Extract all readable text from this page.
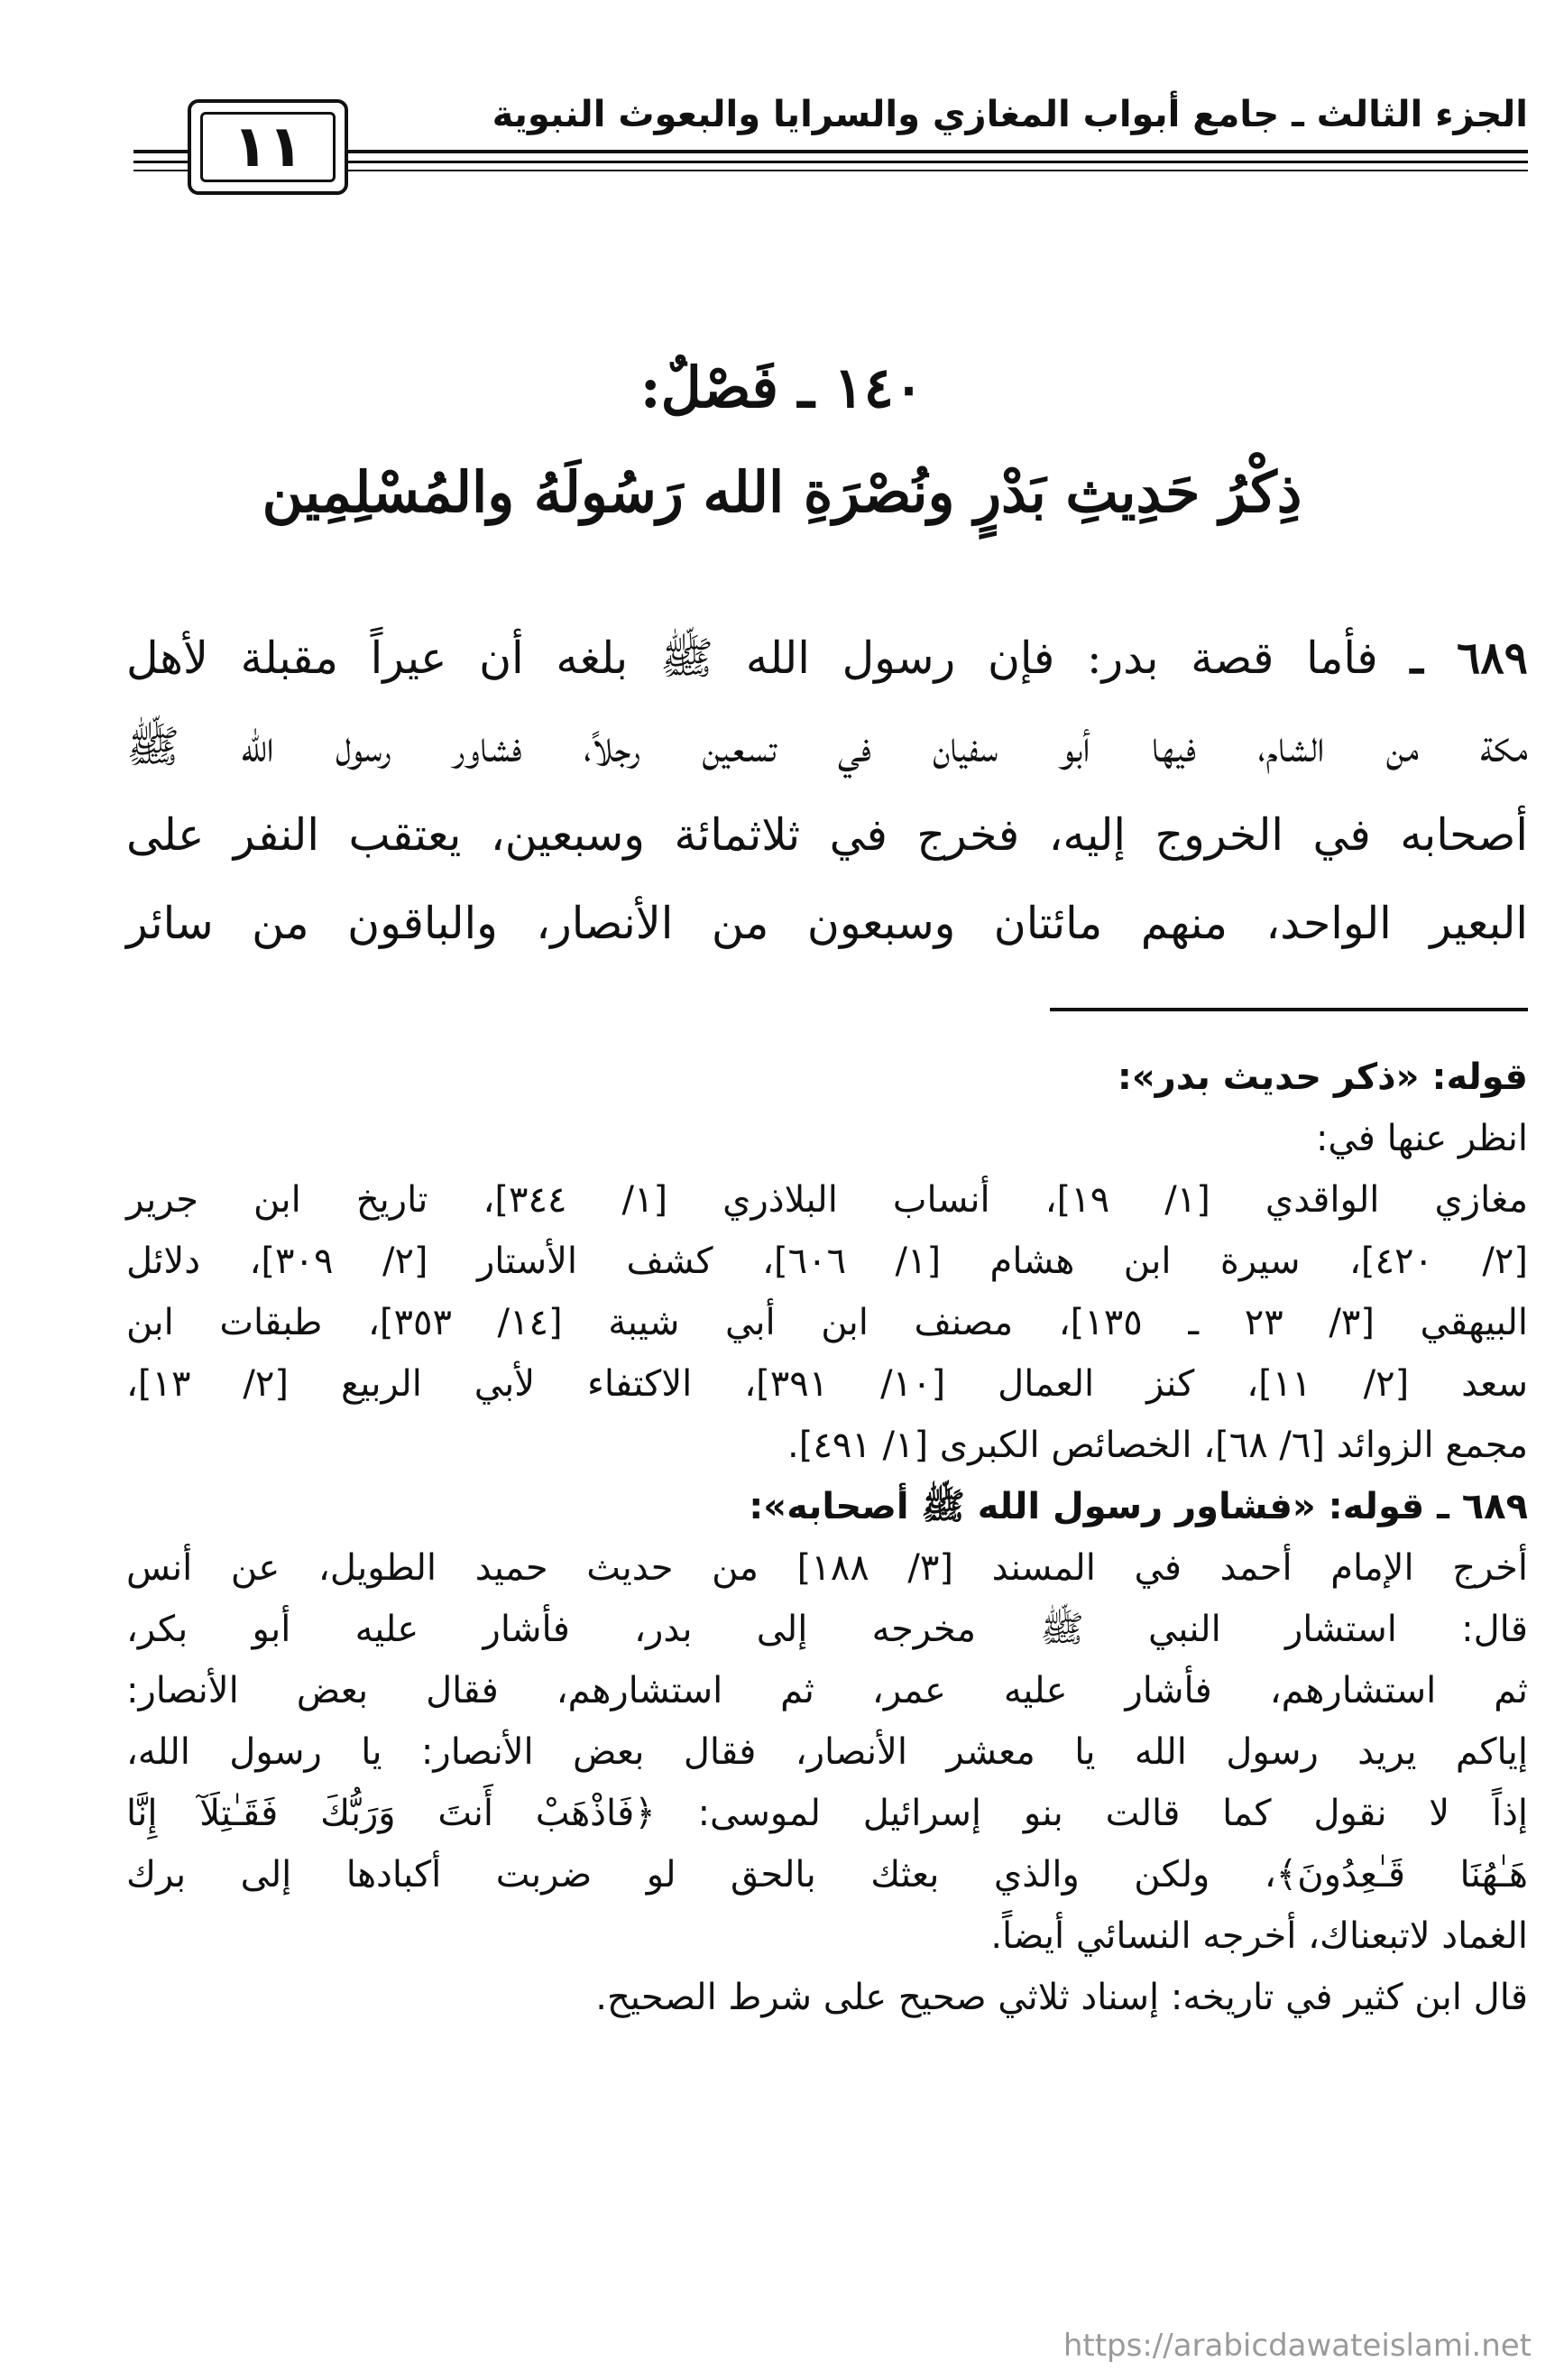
الجزء الثالث ـ جامع أبواب المغازي والسرايا والبعوث النبوية
١١
١٤٠ ـ فَصْلٌ:
ذِكْرُ حَدِيثِ بَدْرٍ ونُصْرَةِ الله رَسُولَهُ والمُسْلِمِين
٦٨٩ ـ فأما قصة بدر: فإن رسول الله ﷺ بلغه أن عيراً مقبلة لأهل
مكة من الشام، فيها أبو سفيان في تسعين رجلاً، فشاور رسول الله ﷺ
أصحابه في الخروج إليه، فخرج في ثلاثمائة وسبعين، يعتقب النفر على
البعير الواحد، منهم مائتان وسبعون من الأنصار، والباقون من سائر
قوله: «ذكر حديث بدر»:
انظر عنها في:
مغازي الواقدي [١/ ١٩]، أنساب البلاذري [١/ ٣٤٤]، تاريخ ابن جرير
[٢/ ٤٢٠]، سيرة ابن هشام [١/ ٦٠٦]، كشف الأستار [٢/ ٣٠٩]، دلائل
البيهقي [٣/ ٢٣ ـ ١٣٥]، مصنف ابن أبي شيبة [١٤/ ٣٥٣]، طبقات ابن
سعد [٢/ ١١]، كنز العمال [١٠/ ٣٩١]، الاكتفاء لأبي الربيع [٢/ ١٣]،
مجمع الزوائد [٦/ ٦٨]، الخصائص الكبرى [١/ ٤٩١].
٦٨٩ ـ قوله: «فشاور رسول الله ﷺ أصحابه»:
أخرج الإمام أحمد في المسند [٣/ ١٨٨] من حديث حميد الطويل، عن أنس
قال: استشار النبي ﷺ مخرجه إلى بدر، فأشار عليه أبو بكر،
ثم استشارهم، فأشار عليه عمر، ثم استشارهم، فقال بعض الأنصار:
إياكم يريد رسول الله يا معشر الأنصار، فقال بعض الأنصار: يا رسول الله،
إذاً لا نقول كما قالت بنو إسرائيل لموسى: ﴿فَاذْهَبْ أَنتَ وَرَبُّكَ فَقَـٰتِلَآ إِنَّا
هَـٰهُنَا قَـٰعِدُونَ﴾، ولكن والذي بعثك بالحق لو ضربت أكبادها إلى برك
الغماد لاتبعناك، أخرجه النسائي أيضاً.
قال ابن كثير في تاريخه: إسناد ثلاثي صحيح على شرط الصحيح.
https://arabicdawateislami.net
